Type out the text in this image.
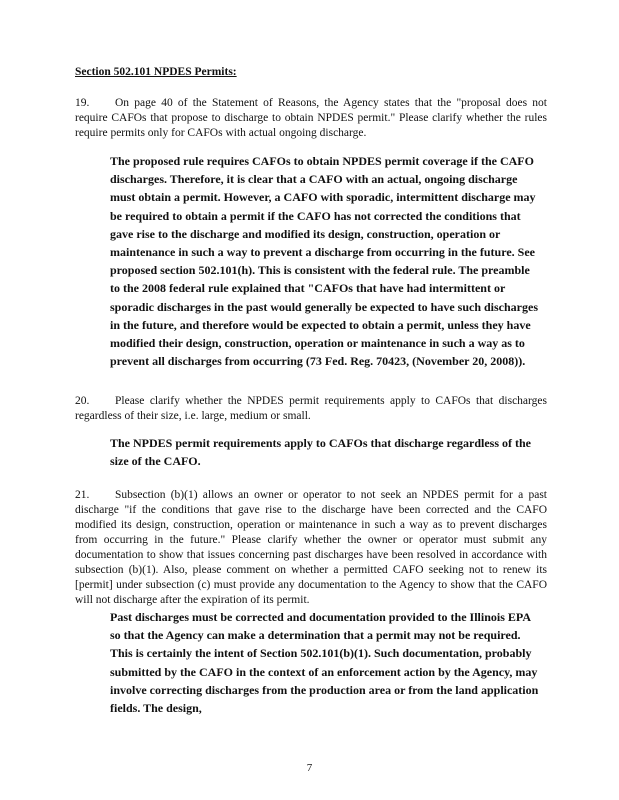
Section 502.101 NPDES Permits:

19. On page 40 of the Statement of Reasons, the Agency states that the "proposal does not require CAFOs that propose to discharge to obtain NPDES permit." Please clarify whether the rules require permits only for CAFOs with actual ongoing discharge.

The proposed rule requires CAFOs to obtain NPDES permit coverage if the CAFO discharges. Therefore, it is clear that a CAFO with an actual, ongoing discharge must obtain a permit. However, a CAFO with sporadic, intermittent discharge may be required to obtain a permit if the CAFO has not corrected the conditions that gave rise to the discharge and modified its design, construction, operation or maintenance in such a way to prevent a discharge from occurring in the future. See proposed section 502.101(h). This is consistent with the federal rule. The preamble to the 2008 federal rule explained that "CAFOs that have had intermittent or sporadic discharges in the past would generally be expected to have such discharges in the future, and therefore would be expected to obtain a permit, unless they have modified their design, construction, operation or maintenance in such a way as to prevent all discharges from occurring (73 Fed. Reg. 70423, (November 20, 2008)).

20. Please clarify whether the NPDES permit requirements apply to CAFOs that discharges regardless of their size, i.e. large, medium or small.

The NPDES permit requirements apply to CAFOs that discharge regardless of the size of the CAFO.

21. Subsection (b)(1) allows an owner or operator to not seek an NPDES permit for a past discharge "if the conditions that gave rise to the discharge have been corrected and the CAFO modified its design, construction, operation or maintenance in such a way as to prevent discharges from occurring in the future." Please clarify whether the owner or operator must submit any documentation to show that issues concerning past discharges have been resolved in accordance with subsection (b)(1). Also, please comment on whether a permitted CAFO seeking not to renew its [permit] under subsection (c) must provide any documentation to the Agency to show that the CAFO will not discharge after the expiration of its permit.

Past discharges must be corrected and documentation provided to the Illinois EPA so that the Agency can make a determination that a permit may not be required. This is certainly the intent of Section 502.101(b)(1). Such documentation, probably submitted by the CAFO in the context of an enforcement action by the Agency, may involve correcting discharges from the production area or from the land application fields. The design,

7
